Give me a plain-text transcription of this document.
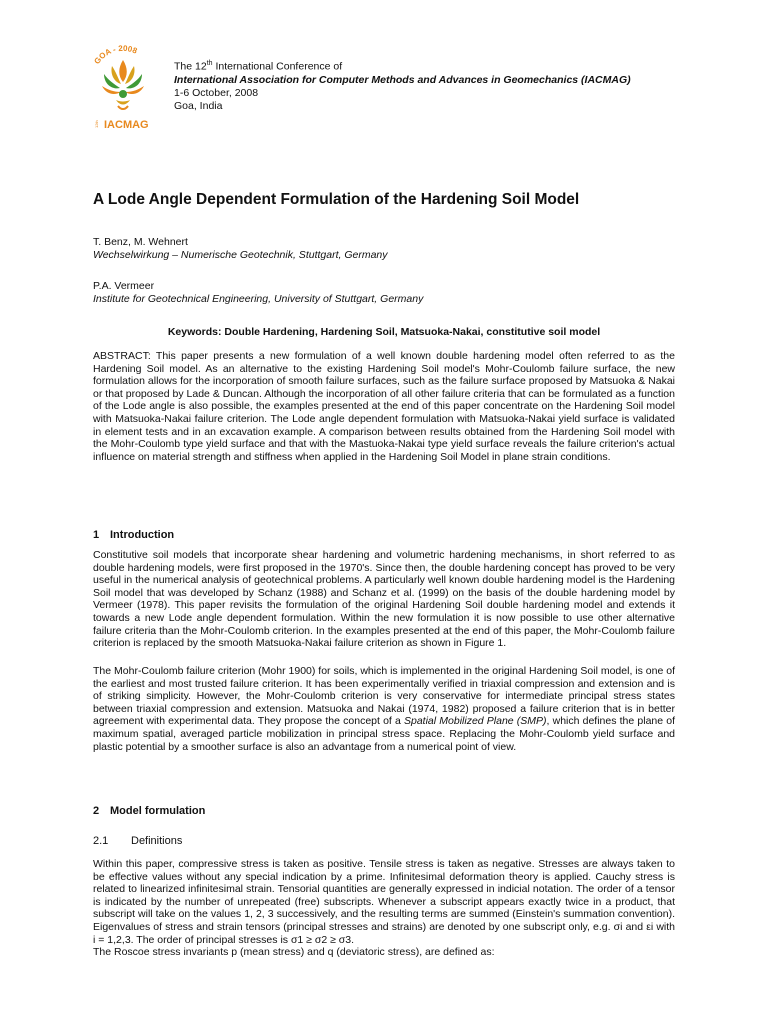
GOA - 2008
IACMAG
12th
The 12th International Conference of
International Association for Computer Methods and Advances in Geomechanics (IACMAG)
1-6 October, 2008
Goa, India
A Lode Angle Dependent Formulation of the Hardening Soil Model
T. Benz, M. Wehnert
Wechselwirkung – Numerische Geotechnik, Stuttgart, Germany
P.A. Vermeer
Institute for Geotechnical Engineering, University of Stuttgart, Germany
Keywords: Double Hardening, Hardening Soil, Matsuoka-Nakai, constitutive soil model

ABSTRACT: This paper presents a new formulation of a well known double hardening model often referred to as the Hardening Soil model. As an alternative to the existing Hardening Soil model's Mohr-Coulomb failure surface, the new formulation allows for the incorporation of smooth failure surfaces, such as the failure surface proposed by Matsuoka & Nakai or that proposed by Lade & Duncan. Although the incorporation of all other failure criteria that can be formulated as a function of the Lode angle is also possible, the examples presented at the end of this paper concentrate on the Hardening Soil model with Matsuoka-Nakai failure criterion. The Lode angle dependent formulation with Matsuoka-Nakai yield surface is validated in element tests and in an excavation example. A comparison between results obtained from the Hardening Soil model with the Mohr-Coulomb type yield surface and that with the Mastuoka-Nakai type yield surface reveals the failure criterion's actual influence on material strength and stiffness when applied in the Hardening Soil Model in plane strain conditions.

1 Introduction

Constitutive soil models that incorporate shear hardening and volumetric hardening mechanisms, in short referred to as double hardening models, were first proposed in the 1970's. Since then, the double hardening concept has proved to be very useful in the numerical analysis of geotechnical problems. A particularly well known double hardening model is the Hardening Soil model that was developed by Schanz (1988) and Schanz et al. (1999) on the basis of the double hardening model by Vermeer (1978). This paper revisits the formulation of the original Hardening Soil double hardening model and extends it towards a new Lode angle dependent formulation. Within the new formulation it is now possible to use other alternative failure criteria than the Mohr-Coulomb criterion. In the examples presented at the end of this paper, the Mohr-Coulomb failure criterion is replaced by the smooth Matsuoka-Nakai failure criterion as shown in Figure 1.

The Mohr-Coulomb failure criterion (Mohr 1900) for soils, which is implemented in the original Hardening Soil model, is one of the earliest and most trusted failure criterion. It has been experimentally verified in triaxial compression and extension and is of striking simplicity. However, the Mohr-Coulomb criterion is very conservative for intermediate principal stress states between triaxial compression and extension. Matsuoka and Nakai (1974, 1982) proposed a failure criterion that is in better agreement with experimental data. They propose the concept of a Spatial Mobilized Plane (SMP), which defines the plane of maximum spatial, averaged particle mobilization in principal stress space. Replacing the Mohr-Coulomb yield surface and plastic potential by a smoother surface is also an advantage from a numerical point of view.

2 Model formulation
2.1 Definitions

Within this paper, compressive stress is taken as positive. Tensile stress is taken as negative. Stresses are always taken to be effective values without any special indication by a prime. Infinitesimal deformation theory is applied. Cauchy stress is related to linearized infinitesimal strain. Tensorial quantities are generally expressed in indicial notation. The order of a tensor is indicated by the number of unrepeated (free) subscripts. Whenever a subscript appears exactly twice in a product, that subscript will take on the values 1, 2, 3 successively, and the resulting terms are summed (Einstein's summation convention). Eigenvalues of stress and strain tensors (principal stresses and strains) are denoted by one subscript only, e.g. σi and εi with i = 1,2,3. The order of principal stresses is σ1 ≥ σ2 ≥ σ3.
The Roscoe stress invariants p (mean stress) and q (deviatoric stress), are defined as:
